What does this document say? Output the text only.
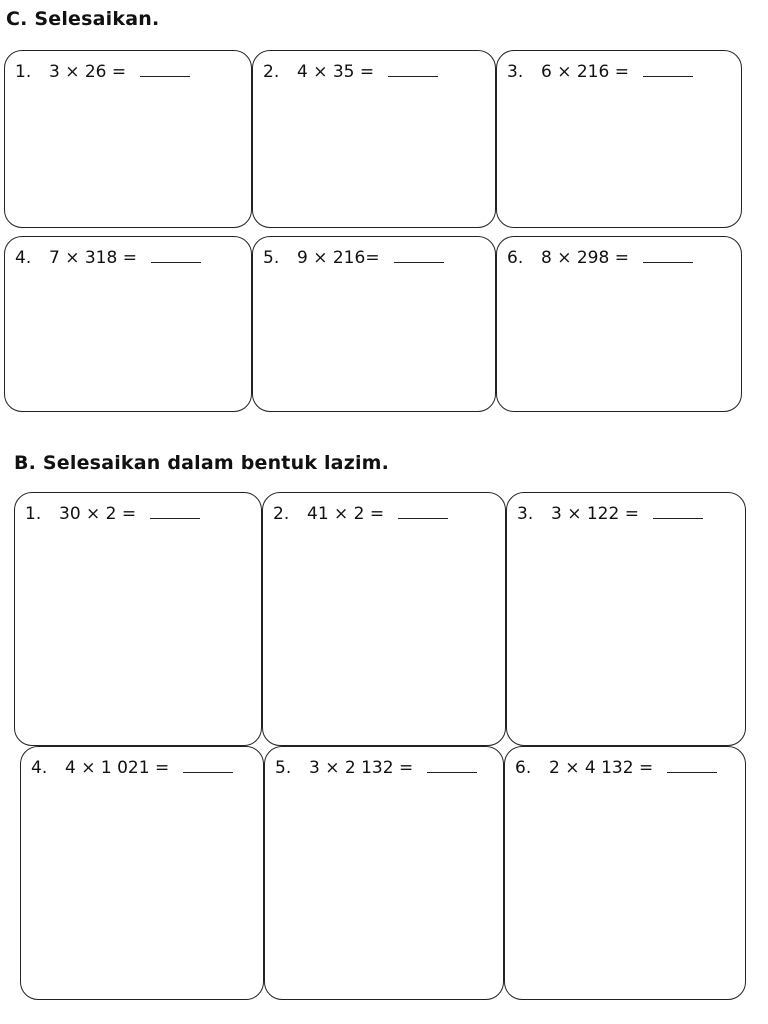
C. Selesaikan.
1.	3 × 26 =	2.	4 × 35 =	3.	6 × 216 =
4.	7 × 318 =	5.	9 × 216=	6.	8 × 298 =
B. Selesaikan dalam bentuk lazim.
1.	30 × 2 =	2.	41 × 2 =	3.	3 × 122 =
4.	4 × 1 021 =	5.	3 × 2 132 =	6.	2 × 4 132 =
